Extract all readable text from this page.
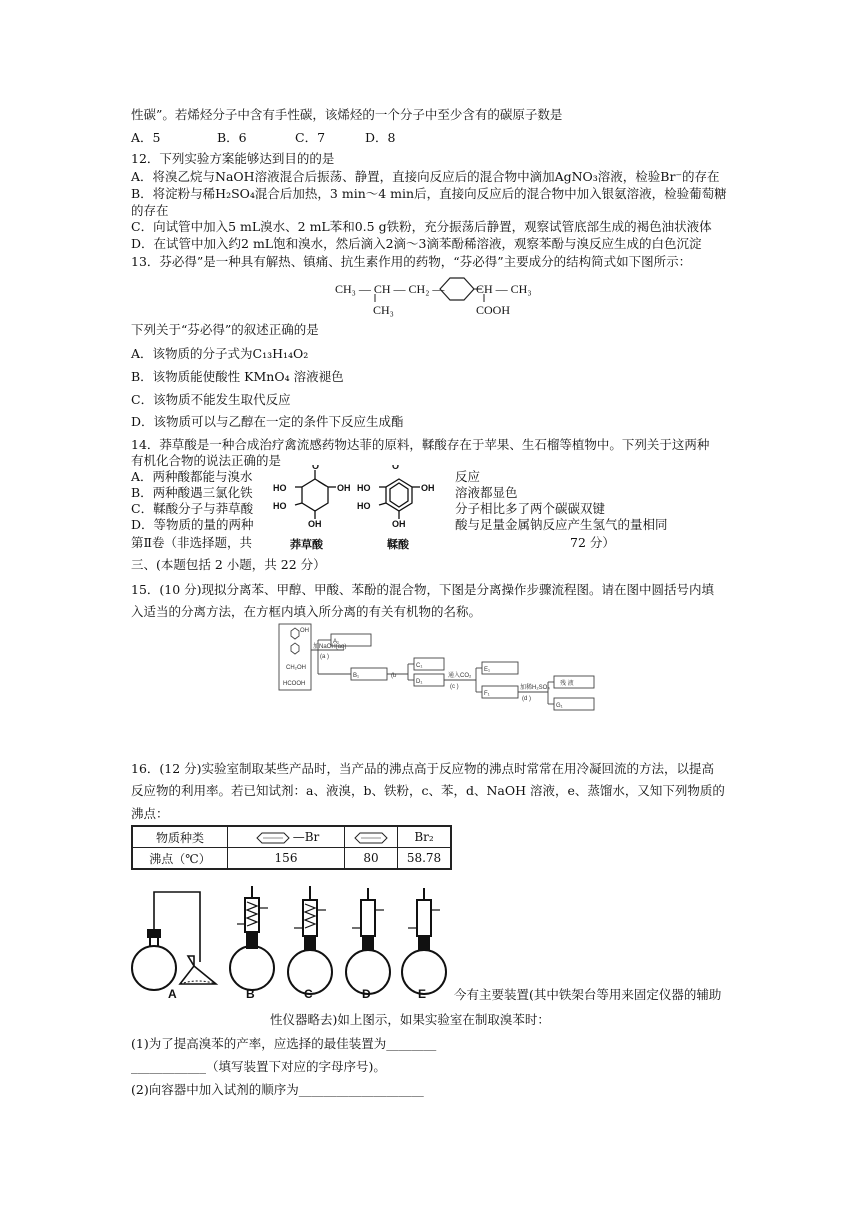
性碳”。若烯烃分子中含有手性碳，该烯烃的一个分子中至少含有的碳原子数是
A．5	B．6	C．7	D．8
12．下列实验方案能够达到目的的是
A．将溴乙烷与NaOH溶液混合后振荡、静置，直接向反应后的混合物中滴加AgNO₃溶液，检验Br⁻的存在
B．将淀粉与稀H₂SO₄混合后加热，3 min～4 min后，直接向反应后的混合物中加入银氨溶液，检验葡萄糖
的存在
C．向试管中加入5 mL溴水、2 mL苯和0.5 g铁粉，充分振荡后静置，观察试管底部生成的褐色油状液体
D．在试管中加入约2 mL饱和溴水，然后滴入2滴～3滴苯酚稀溶液，观察苯酚与溴反应生成的白色沉淀
13．芬必得”是一种具有解热、镇痛、抗生素作用的药物，“芬必得”主要成分的结构简式如下图所示：
CH₃ — CH — CH₂ —
CH₃
CH — CH₃
COOH
下列关于“芬必得”的叙述正确的是
A．该物质的分子式为C₁₃H₁₄O₂
B．该物质能使酸性 KMnO₄ 溶液褪色
C．该物质不能发生取代反应
D．该物质可以与乙醇在一定的条件下反应生成酯
14．莽草酸是一种合成治疗禽流感药物达菲的原料，鞣酸存在于苹果、生石榴等植物中。下列关于这两种
有机化合物的说法正确的是
A．两种酸都能与溴水	反应
B．两种酸遇三氯化铁	溶液都显色
C．鞣酸分子与莽草酸	分子相比多了两个碳碳双键
D．等物质的量的两种	酸与足量金属钠反应产生氢气的量相同
第Ⅱ卷（非选择题，共	72 分）
OH
O
HO
HO
OH
OH
O
HO
HO
OH
莽草酸	鞣酸
三、(本题包括 2 小题，共 22 分）
15．(10 分)现拟分离苯、甲醇、甲酸、苯酚的混合物，下图是分离操作步骤流程图。请在图中圆括号内填
入适当的分离方法，在方框内填入所分离的有关有机物的名称。
OH
CH₂OH
HCOOH
加NaOH(aq)
(a )
A₁
B₁	(b
C₁
D₁
通入CO₂
(c )
E₁
F₁
加稀H₂SO₄
(d )
残 液
G₁
16．(12 分)实验室制取某些产品时，当产品的沸点高于反应物的沸点时常常在用冷凝回流的方法，以提高
反应物的利用率。若已知试剂：a、液溴，b、铁粉，c、苯，d、NaOH 溶液，e、蒸馏水，又知下列物质的
沸点：
物质种类	—Br		Br₂
沸点（℃）	156	80	58.78
A	B	C	D	E 今有主要装置(其中铁架台等用来固定仪器的辅助
性仪器略去)如上图示，如果实验室在制取溴苯时：
(1)为了提高溴苯的产率，应选择的最佳装置为________
____________（填写装置下对应的字母序号)。
(2)向容器中加入试剂的顺序为____________________
